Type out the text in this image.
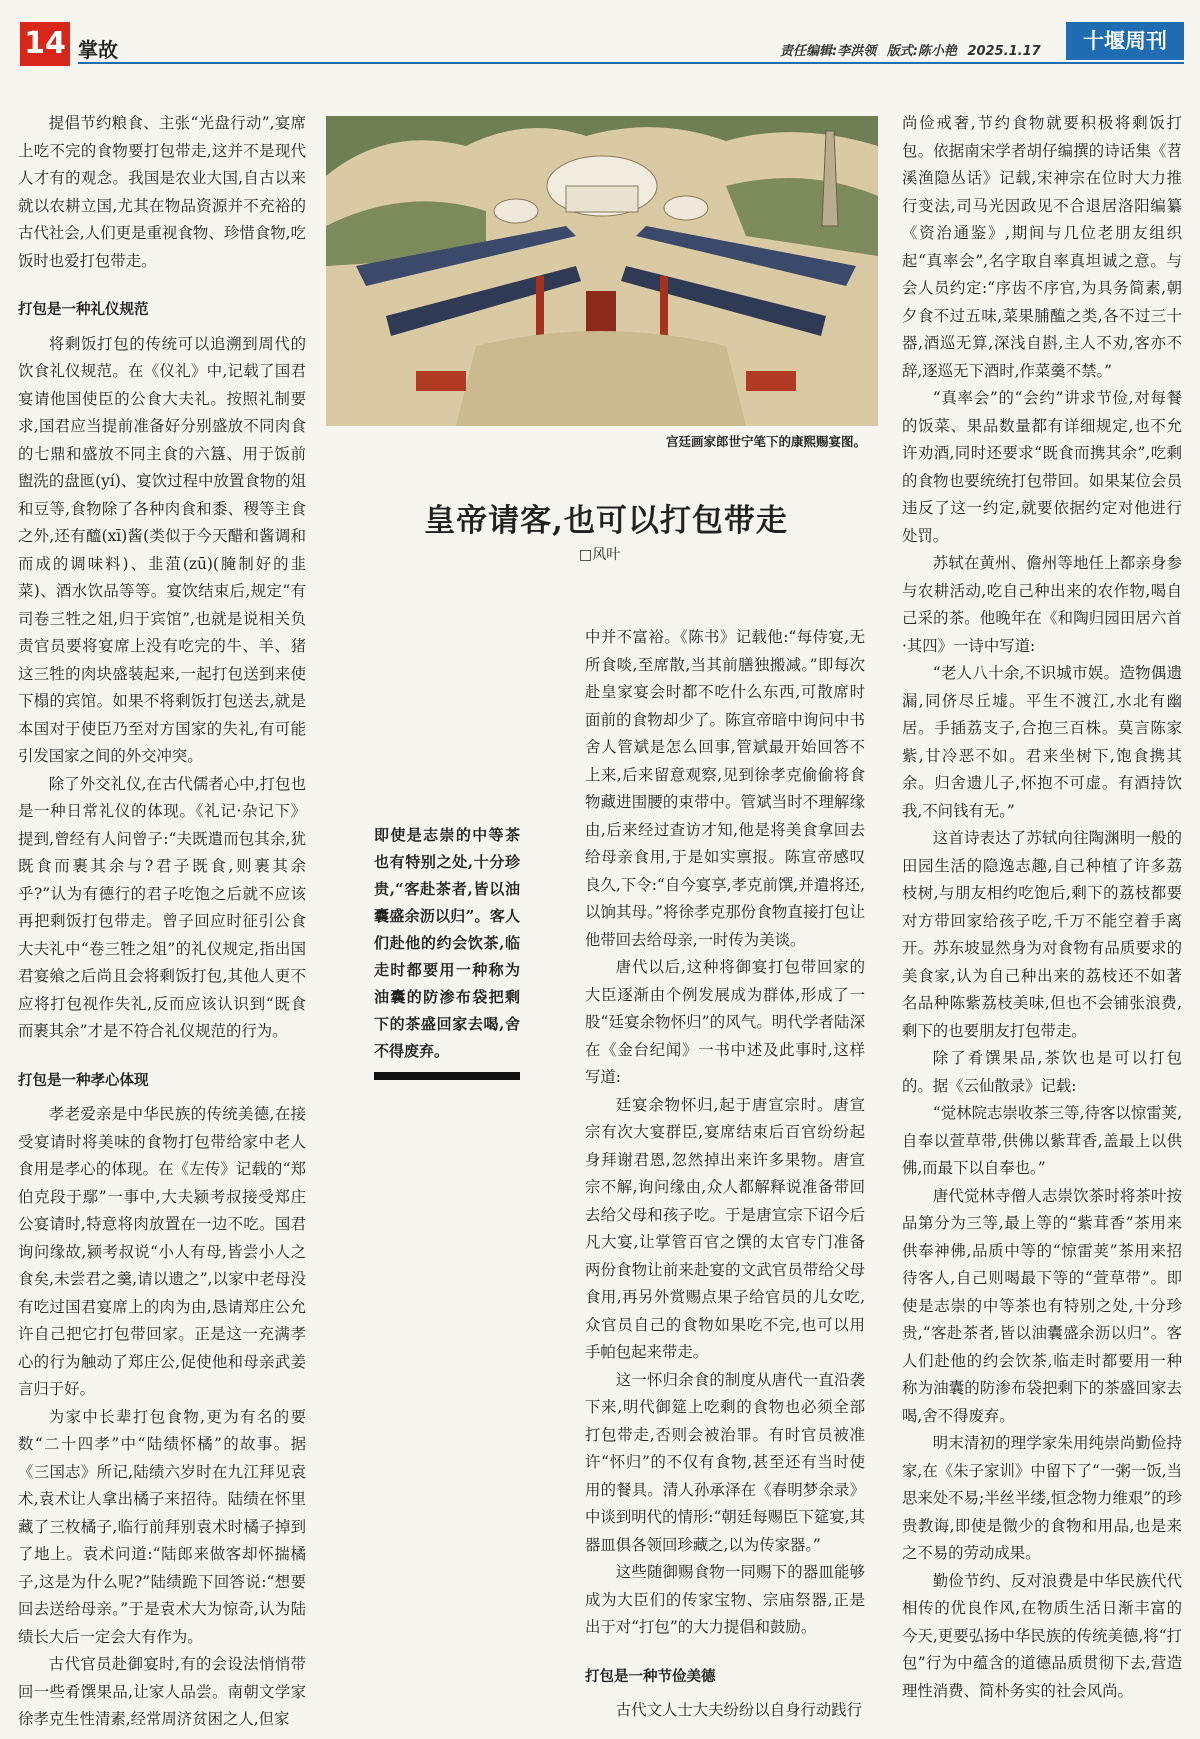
14 掌故	责任编辑:李洪领 版式:陈小艳 2025.1.17	十堰周刊

提倡节约粮食、主张“光盘行动”,宴席上吃不完的食物要打包带走,这并不是现代人才有的观念。我国是农业大国,自古以来就以农耕立国,尤其在物品资源并不充裕的古代社会,人们更是重视食物、珍惜食物,吃饭时也爱打包带走。

打包是一种礼仪规范

将剩饭打包的传统可以追溯到周代的饮食礼仪规范。在《仪礼》中,记载了国君宴请他国使臣的公食大夫礼。按照礼制要求,国君应当提前准备好分别盛放不同肉食的七鼎和盛放不同主食的六簋、用于饭前盥洗的盘匜(yí)、宴饮过程中放置食物的俎和豆等,食物除了各种肉食和黍、稷等主食之外,还有醯(xī)酱(类似于今天醋和酱调和而成的调味料)、韭菹(zū)(腌制好的韭菜)、酒水饮品等等。宴饮结束后,规定“有司卷三牲之俎,归于宾馆”,也就是说相关负责官员要将宴席上没有吃完的牛、羊、猪这三牲的肉块盛装起来,一起打包送到来使下榻的宾馆。如果不将剩饭打包送去,就是本国对于使臣乃至对方国家的失礼,有可能引发国家之间的外交冲突。

除了外交礼仪,在古代儒者心中,打包也是一种日常礼仪的体现。《礼记·杂记下》提到,曾经有人问曾子:“夫既遣而包其余,犹既食而裹其余与?君子既食,则裹其余乎?”认为有德行的君子吃饱之后就不应该再把剩饭打包带走。曾子回应时征引公食大夫礼中“卷三牲之俎”的礼仪规定,指出国君宴飨之后尚且会将剩饭打包,其他人更不应将打包视作失礼,反而应该认识到“既食而裹其余”才是不符合礼仪规范的行为。

打包是一种孝心体现

孝老爱亲是中华民族的传统美德,在接受宴请时将美味的食物打包带给家中老人食用是孝心的体现。在《左传》记载的“郑伯克段于鄢”一事中,大夫颍考叔接受郑庄公宴请时,特意将肉放置在一边不吃。国君询问缘故,颍考叔说“小人有母,皆尝小人之食矣,未尝君之羹,请以遗之”,以家中老母没有吃过国君宴席上的肉为由,恳请郑庄公允许自己把它打包带回家。正是这一充满孝心的行为触动了郑庄公,促使他和母亲武姜言归于好。

为家中长辈打包食物,更为有名的要数“二十四孝”中“陆绩怀橘”的故事。据《三国志》所记,陆绩六岁时在九江拜见袁术,袁术让人拿出橘子来招待。陆绩在怀里藏了三枚橘子,临行前拜别袁术时橘子掉到了地上。袁术问道:“陆郎来做客却怀揣橘子,这是为什么呢?”陆绩跪下回答说:“想要回去送给母亲。”于是袁术大为惊奇,认为陆绩长大后一定会大有作为。

古代官员赴御宴时,有的会设法悄悄带回一些肴馔果品,让家人品尝。南朝文学家徐孝克生性清素,经常周济贫困之人,但家

宫廷画家郎世宁笔下的康熙赐宴图。
皇帝请客,也可以打包带走
□风叶
即使是志崇的中等茶也有特别之处,十分珍贵,“客赴茶者,皆以油囊盛余沥以归”。客人们赴他的约会饮茶,临走时都要用一种称为油囊的防渗布袋把剩下的茶盛回家去喝,舍不得废弃。

中并不富裕。《陈书》记载他:“每侍宴,无所食啖,至席散,当其前膳独搬减。”即每次赴皇家宴会时都不吃什么东西,可散席时面前的食物却少了。陈宣帝暗中询问中书舍人管斌是怎么回事,管斌最开始回答不上来,后来留意观察,见到徐孝克偷偷将食物藏进围腰的束带中。管斌当时不理解缘由,后来经过查访才知,他是将美食拿回去给母亲食用,于是如实禀报。陈宣帝感叹良久,下令:“自今宴享,孝克前馔,并遣将还,以饷其母。”将徐孝克那份食物直接打包让他带回去给母亲,一时传为美谈。

唐代以后,这种将御宴打包带回家的大臣逐渐由个例发展成为群体,形成了一股“廷宴余物怀归”的风气。明代学者陆深在《金台纪闻》一书中述及此事时,这样写道:

廷宴余物怀归,起于唐宣宗时。唐宣宗有次大宴群臣,宴席结束后百官纷纷起身拜谢君恩,忽然掉出来许多果物。唐宣宗不解,询问缘由,众人都解释说准备带回去给父母和孩子吃。于是唐宣宗下诏今后凡大宴,让掌管百官之馔的太官专门准备两份食物让前来赴宴的文武官员带给父母食用,再另外赏赐点果子给官员的儿女吃,众官员自己的食物如果吃不完,也可以用手帕包起来带走。

这一怀归余食的制度从唐代一直沿袭下来,明代御筵上吃剩的食物也必须全部打包带走,否则会被治罪。有时官员被准许“怀归”的不仅有食物,甚至还有当时使用的餐具。清人孙承泽在《春明梦余录》中谈到明代的情形:“朝廷每赐臣下筵宴,其器皿俱各领回珍藏之,以为传家器。”

这些随御赐食物一同赐下的器皿能够成为大臣们的传家宝物、宗庙祭器,正是出于对“打包”的大力提倡和鼓励。

打包是一种节俭美德

古代文人士大夫纷纷以自身行动践行

尚俭戒奢,节约食物就要积极将剩饭打包。依据南宋学者胡仔编撰的诗话集《苕溪渔隐丛话》记载,宋神宗在位时大力推行变法,司马光因政见不合退居洛阳编纂《资治通鉴》,期间与几位老朋友组织起“真率会”,名字取自率真坦诚之意。与会人员约定:“序齿不序官,为具务简素,朝夕食不过五味,菜果脯醢之类,各不过三十器,酒巡无算,深浅自斟,主人不劝,客亦不辞,逐巡无下酒时,作菜羹不禁。”

“真率会”的“会约”讲求节俭,对每餐的饭菜、果品数量都有详细规定,也不允许劝酒,同时还要求“既食而携其余”,吃剩的食物也要统统打包带回。如果某位会员违反了这一约定,就要依据约定对他进行处罚。

苏轼在黄州、儋州等地任上都亲身参与农耕活动,吃自己种出来的农作物,喝自己采的茶。他晚年在《和陶归园田居六首·其四》一诗中写道:

“老人八十余,不识城市娱。造物偶遗漏,同侪尽丘墟。平生不渡江,水北有幽居。手插荔支子,合抱三百株。莫言陈家紫,甘冷恶不如。君来坐树下,饱食携其余。归舍遗儿子,怀抱不可虚。有酒持饮我,不问钱有无。”

这首诗表达了苏轼向往陶渊明一般的田园生活的隐逸志趣,自己种植了许多荔枝树,与朋友相约吃饱后,剩下的荔枝都要对方带回家给孩子吃,千万不能空着手离开。苏东坡显然身为对食物有品质要求的美食家,认为自己种出来的荔枝还不如著名品种陈紫荔枝美味,但也不会铺张浪费,剩下的也要朋友打包带走。

除了肴馔果品,茶饮也是可以打包的。据《云仙散录》记载:

“觉林院志崇收茶三等,待客以惊雷荚,自奉以萱草带,供佛以紫茸香,盖最上以供佛,而最下以自奉也。”

唐代觉林寺僧人志崇饮茶时将茶叶按品第分为三等,最上等的“紫茸香”茶用来供奉神佛,品质中等的“惊雷荚”茶用来招待客人,自己则喝最下等的“萱草带”。即使是志崇的中等茶也有特别之处,十分珍贵,“客赴茶者,皆以油囊盛余沥以归”。客人们赴他的约会饮茶,临走时都要用一种称为油囊的防渗布袋把剩下的茶盛回家去喝,舍不得废弃。

明末清初的理学家朱用纯崇尚勤俭持家,在《朱子家训》中留下了“一粥一饭,当思来处不易;半丝半缕,恒念物力维艰”的珍贵教诲,即使是微少的食物和用品,也是来之不易的劳动成果。

勤俭节约、反对浪费是中华民族代代相传的优良作风,在物质生活日渐丰富的今天,更要弘扬中华民族的传统美德,将“打包”行为中蕴含的道德品质贯彻下去,营造理性消费、简朴务实的社会风尚。
